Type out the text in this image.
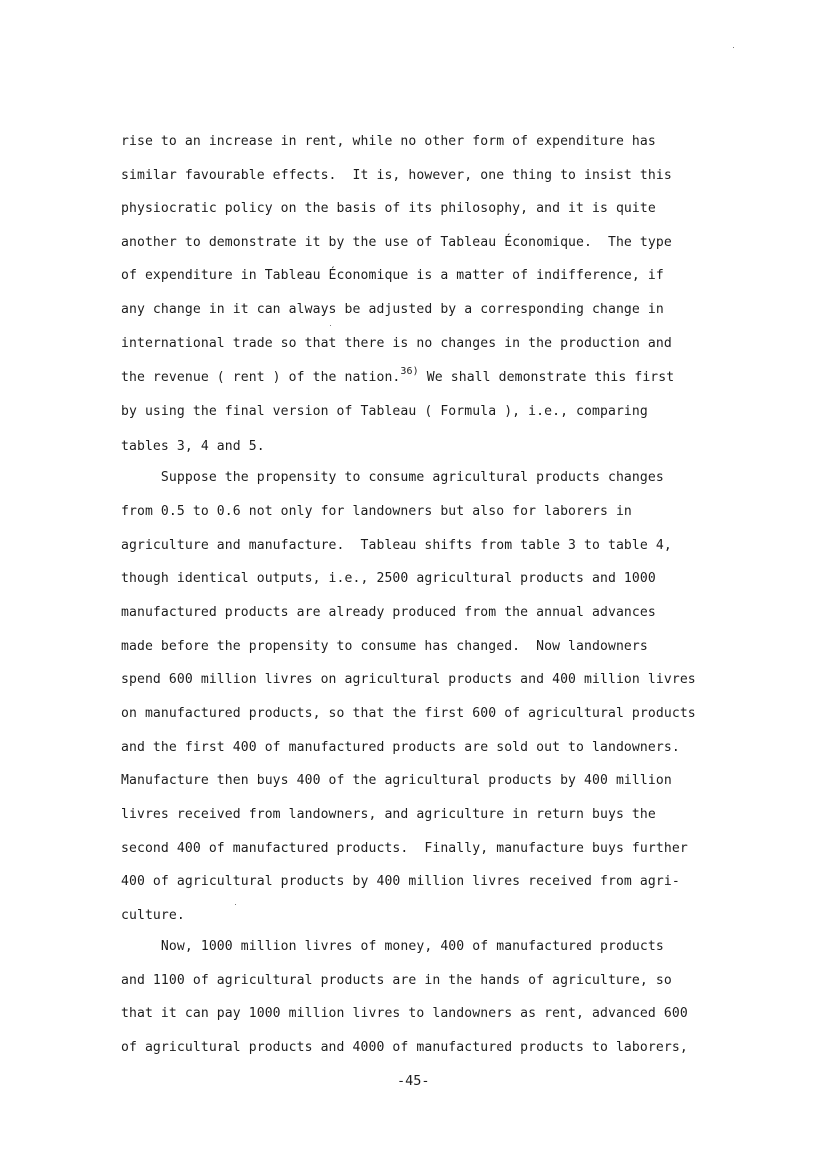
rise to an increase in rent, while no other form of expenditure has
similar favourable effects.  It is, however, one thing to insist this
physiocratic policy on the basis of its philosophy, and it is quite
another to demonstrate it by the use of Tableau Économique.  The type
of expenditure in Tableau Économique is a matter of indifference, if
any change in it can always be adjusted by a corresponding change in
international trade so that there is no changes in the production and
the revenue ( rent ) of the nation.$^{36)}$ We shall demonstrate this first
by using the final version of Tableau ( Formula ), i.e., comparing
tables 3, 4 and 5.
Suppose the propensity to consume agricultural products changes
from 0.5 to 0.6 not only for landowners but also for laborers in
agriculture and manufacture.  Tableau shifts from table 3 to table 4,
though identical outputs, i.e., 2500 agricultural products and 1000
manufactured products are already produced from the annual advances
made before the propensity to consume has changed.  Now landowners
spend 600 million livres on agricultural products and 400 million livres
on manufactured products, so that the first 600 of agricultural products
and the first 400 of manufactured products are sold out to landowners.
Manufacture then buys 400 of the agricultural products by 400 million
livres received from landowners, and agriculture in return buys the
second 400 of manufactured products.  Finally, manufacture buys further
400 of agricultural products by 400 million livres received from agri-
culture.
Now, 1000 million livres of money, 400 of manufactured products
and 1100 of agricultural products are in the hands of agriculture, so
that it can pay 1000 million livres to landowners as rent, advanced 600
of agricultural products and 4000 of manufactured products to laborers,
-45-
